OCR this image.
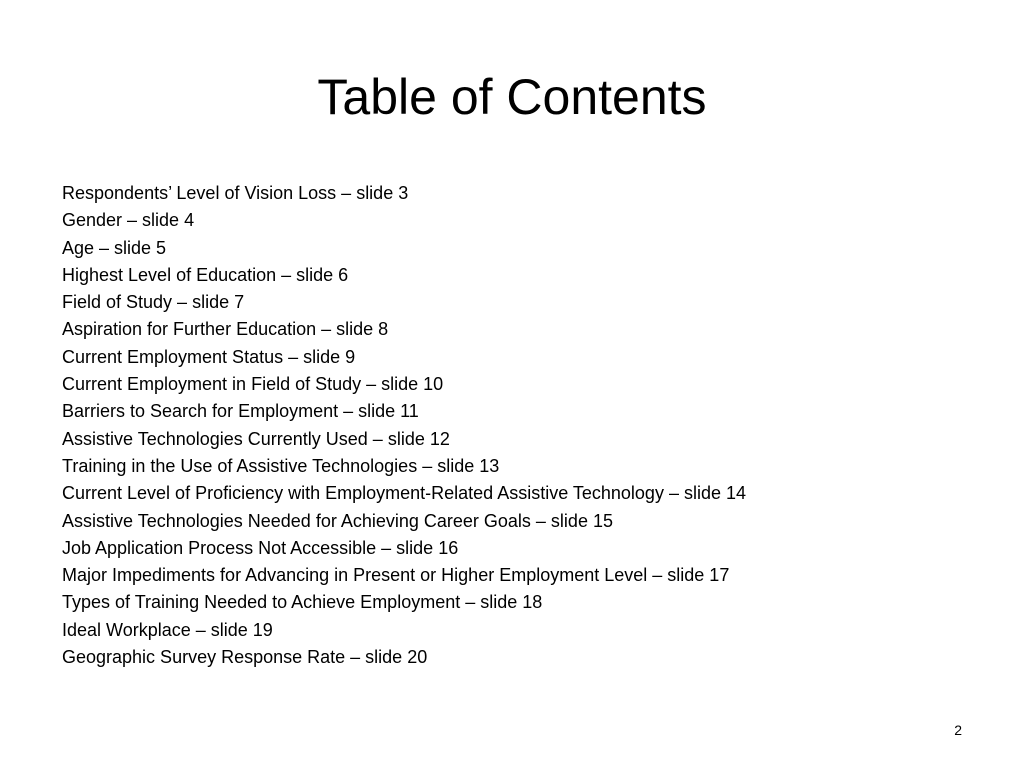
Table of Contents
Respondents’ Level of Vision Loss – slide 3
Gender – slide 4
Age – slide 5
Highest Level of Education – slide 6
Field of Study – slide 7
Aspiration for Further Education – slide 8
Current Employment Status – slide 9
Current Employment in Field of Study – slide 10
Barriers to Search for Employment – slide 11
Assistive Technologies Currently Used – slide 12
Training in the Use of Assistive Technologies – slide 13
Current Level of Proficiency with Employment-Related Assistive Technology – slide 14
Assistive Technologies Needed for Achieving Career Goals – slide 15
Job Application Process Not Accessible – slide 16
Major Impediments for Advancing in Present or Higher Employment Level – slide 17
Types of Training Needed to Achieve Employment – slide 18
Ideal Workplace – slide 19
Geographic Survey Response Rate – slide 20
2
